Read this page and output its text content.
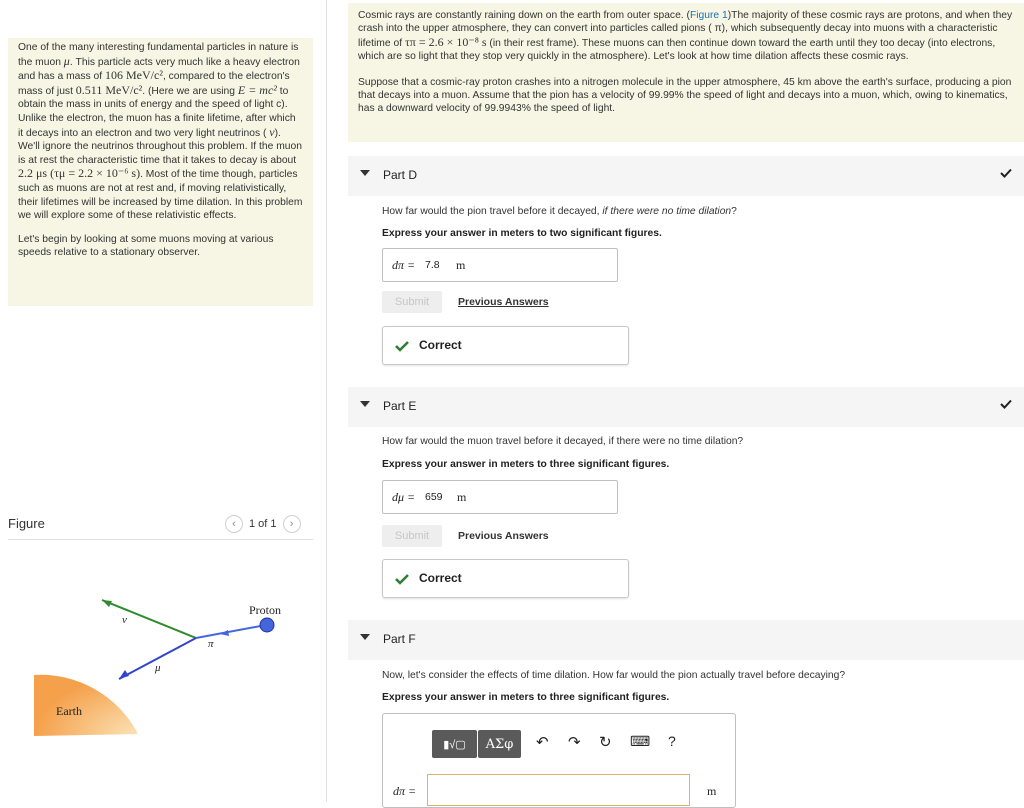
One of the many interesting fundamental particles in nature is the muon μ. This particle acts very much like a heavy electron and has a mass of 106 MeV/c², compared to the electron's mass of just 0.511 MeV/c². (Here we are using E = mc² to obtain the mass in units of energy and the speed of light c). Unlike the electron, the muon has a finite lifetime, after which it decays into an electron and two very light neutrinos ( ν). We'll ignore the neutrinos throughout this problem. If the muon is at rest the characteristic time that it takes to decay is about 2.2 μs (τμ = 2.2 × 10⁻⁶ s). Most of the time though, particles such as muons are not at rest and, if moving relativistically, their lifetimes will be increased by time dilation. In this problem we will explore some of these relativistic effects.

Let's begin by looking at some muons moving at various speeds relative to a stationary observer.

Figure	‹	1 of 1	›
Earth
Proton
ν
π
μ

Cosmic rays are constantly raining down on the earth from outer space. (Figure 1)The majority of these cosmic rays are protons, and when they crash into the upper atmosphere, they can convert into particles called pions ( π), which subsequently decay into muons with a characteristic lifetime of τπ = 2.6 × 10⁻⁸ s (in their rest frame). These muons can then continue down toward the earth until they too decay (into electrons, which are so light that they stop very quickly in the atmosphere). Let's look at how time dilation affects these cosmic rays.

Suppose that a cosmic-ray proton crashes into a nitrogen molecule in the upper atmosphere, 45 km above the earth's surface, producing a pion that decays into a muon. Assume that the pion has a velocity of 99.99% the speed of light and decays into a muon, which, owing to kinematics, has a downward velocity of 99.9943% the speed of light.

Part D
How far would the pion travel before it decayed, if there were no time dilation?
Express your answer in meters to two significant figures.
dπ = 7.8 m
Submit	Previous Answers
Correct
Part E
How far would the muon travel before it decayed, if there were no time dilation?
Express your answer in meters to three significant figures.
dμ = 659 m
Submit	Previous Answers
Correct
Part F
Now, let's consider the effects of time dilation. How far would the pion actually travel before decaying?
Express your answer in meters to three significant figures.
▮√▢	ΑΣφ	↶ ↷ ↻ ⌨ ?
dπ =	m
